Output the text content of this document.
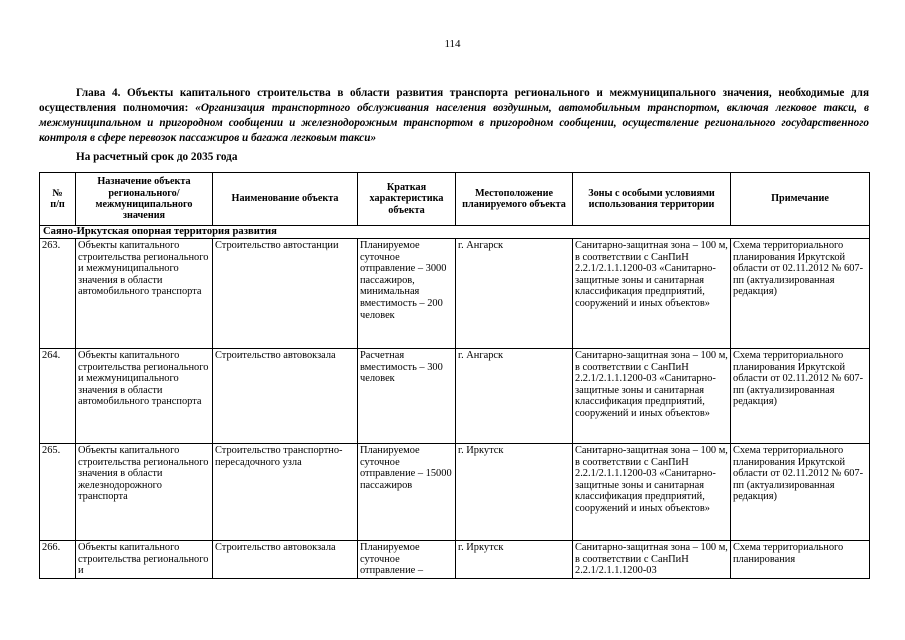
114
Глава 4. Объекты капитального строительства в области развития транспорта регионального и межмуниципального значения, необходимые для осуществления полномочия: «Организация транспортного обслуживания населения воздушным, автомобильным транспортом, включая легковое такси, в межмуниципальном и пригородном сообщении и железнодорожным транспортом в пригородном сообщении, осуществление регионального государственного контроля в сфере перевозок пассажиров и багажа легковым такси»
На расчетный срок до 2035 года
№
п/п	Назначение объекта регионального/ межмуниципального значения	Наименование объекта	Краткая характеристика объекта	Местоположение планируемого объекта	Зоны с особыми условиями использования территории	Примечание
Саяно-Иркутская опорная территория развития						
263.	Объекты капитального строительства регионального и межмуниципального значения в области автомобильного транспорта	Строительство автостанции	Планируемое суточное отправление – 3000 пассажиров, минимальная вместимость – 200 человек	г. Ангарск	Санитарно-защитная зона – 100 м, в соответствии с СанПиН 2.2.1/2.1.1.1200-03 «Санитарно-защитные зоны и санитарная классификация предприятий, сооружений и иных объектов»	Схема территориального планирования Иркутской области от 02.11.2012 № 607-пп (актуализированная редакция)
264.	Объекты капитального строительства регионального и межмуниципального значения в области автомобильного транспорта	Строительство автовокзала	Расчетная вместимость – 300 человек	г. Ангарск	Санитарно-защитная зона – 100 м, в соответствии с СанПиН 2.2.1/2.1.1.1200-03 «Санитарно-защитные зоны и санитарная классификация предприятий, сооружений и иных объектов»	Схема территориального планирования Иркутской области от 02.11.2012 № 607-пп (актуализированная редакция)
265.	Объекты капитального строительства регионального значения в области железнодорожного транспорта	Строительство транспортно-пересадочного узла	Планируемое суточное отправление – 15000 пассажиров	г. Иркутск	Санитарно-защитная зона – 100 м, в соответствии с СанПиН 2.2.1/2.1.1.1200-03 «Санитарно-защитные зоны и санитарная классификация предприятий, сооружений и иных объектов»	Схема территориального планирования Иркутской области от 02.11.2012 № 607-пп (актуализированная редакция)
266.	Объекты капитального строительства регионального и	Строительство автовокзала	Планируемое суточное отправление –	г. Иркутск	Санитарно-защитная зона – 100 м, в соответствии с СанПиН 2.2.1/2.1.1.1200-03	Схема территориального планирования
